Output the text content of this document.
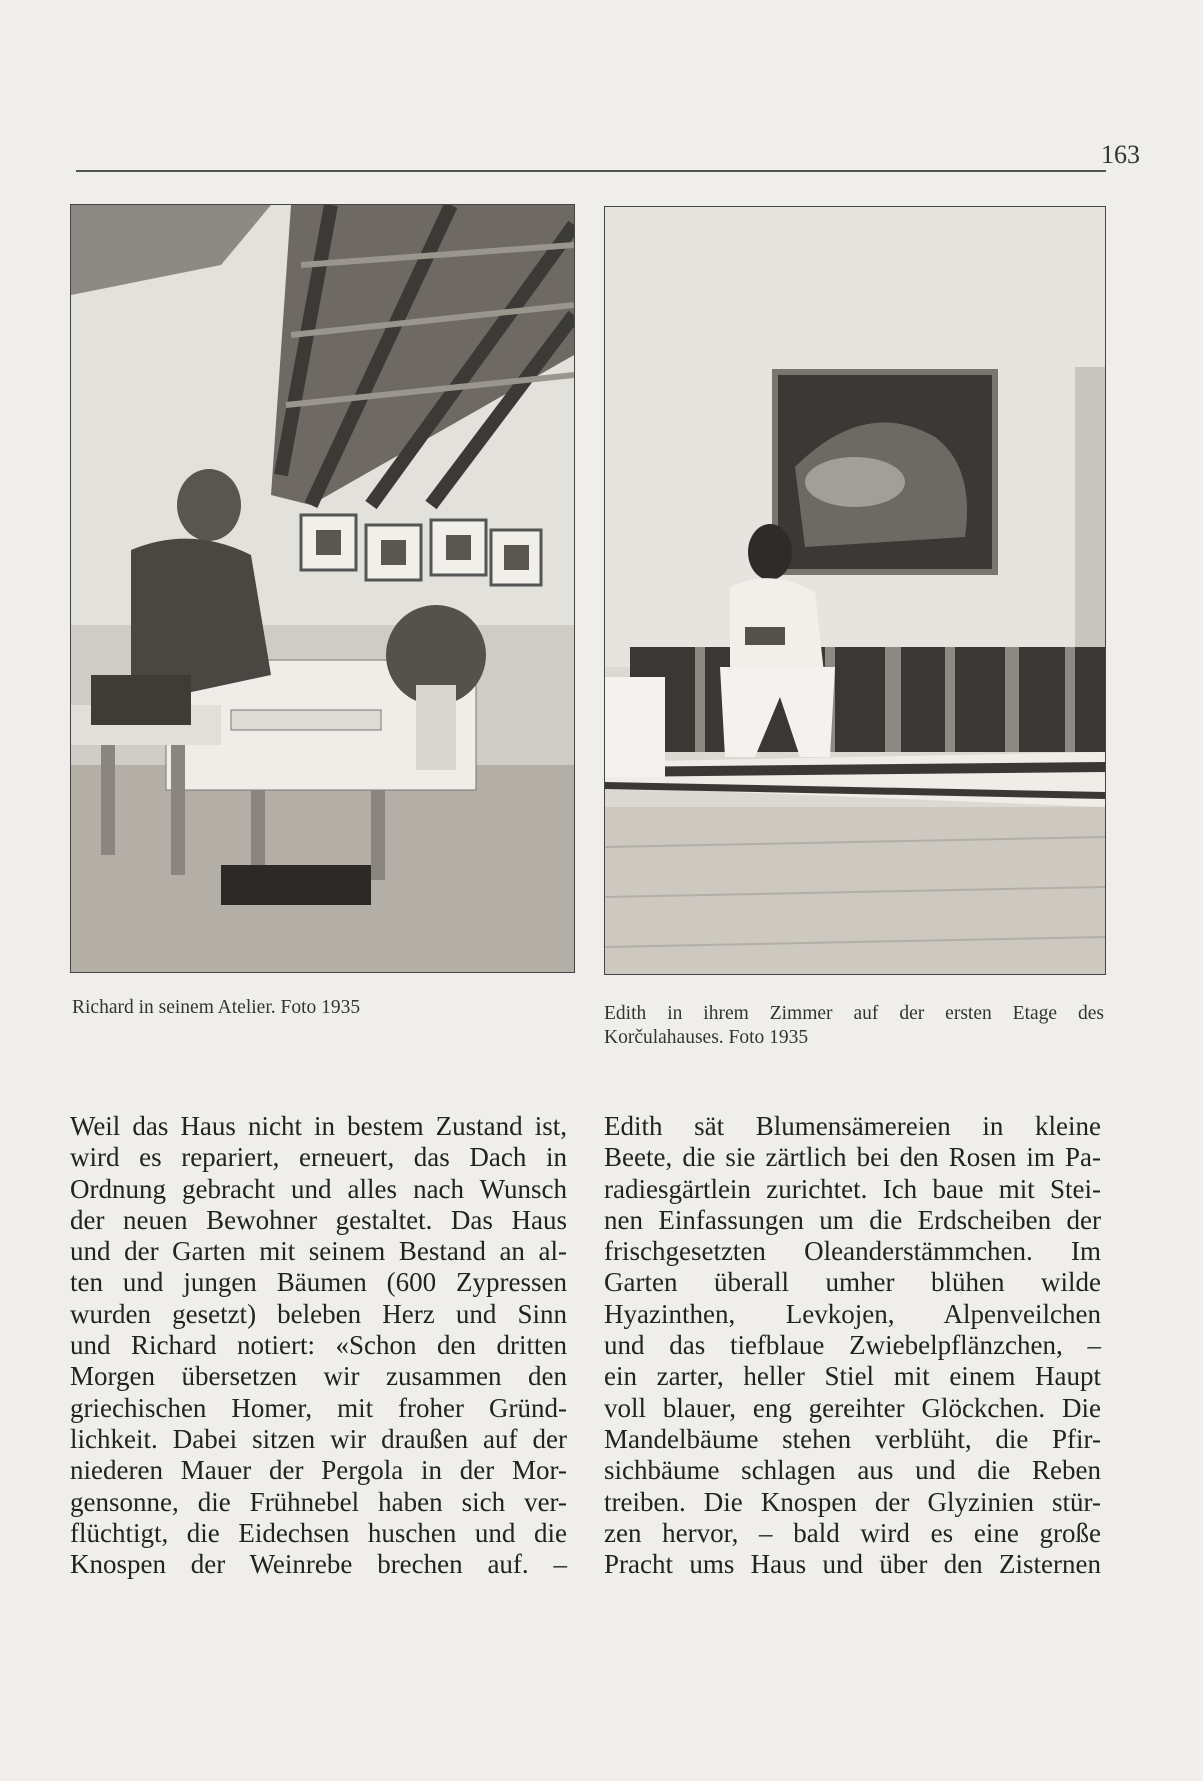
163
Richard in seinem Atelier. Foto 1935	Edith in ihrem Zimmer auf der ersten Etage des
Korčulahauses. Foto 1935
Weil das Haus nicht in bestem Zustand ist,
wird es repariert, erneuert, das Dach in
Ordnung gebracht und alles nach Wunsch
der neuen Bewohner gestaltet. Das Haus
und der Garten mit seinem Bestand an al-
ten und jungen Bäumen (600 Zypressen
wurden gesetzt) beleben Herz und Sinn
und Richard notiert: «Schon den dritten
Morgen übersetzen wir zusammen den
griechischen Homer, mit froher Gründ-
lichkeit. Dabei sitzen wir draußen auf der
niederen Mauer der Pergola in der Mor-
gensonne, die Frühnebel haben sich ver-
flüchtigt, die Eidechsen huschen und die
Knospen der Weinrebe brechen auf. –
Edith sät Blumensämereien in kleine
Beete, die sie zärtlich bei den Rosen im Pa-
radiesgärtlein zurichtet. Ich baue mit Stei-
nen Einfassungen um die Erdscheiben der
frischgesetzten Oleanderstämmchen. Im
Garten überall umher blühen wilde
Hyazinthen, Levkojen, Alpenveilchen
und das tiefblaue Zwiebelpflänzchen, –
ein zarter, heller Stiel mit einem Haupt
voll blauer, eng gereihter Glöckchen. Die
Mandelbäume stehen verblüht, die Pfir-
sichbäume schlagen aus und die Reben
treiben. Die Knospen der Glyzinien stür-
zen hervor, – bald wird es eine große
Pracht ums Haus und über den Zisternen
